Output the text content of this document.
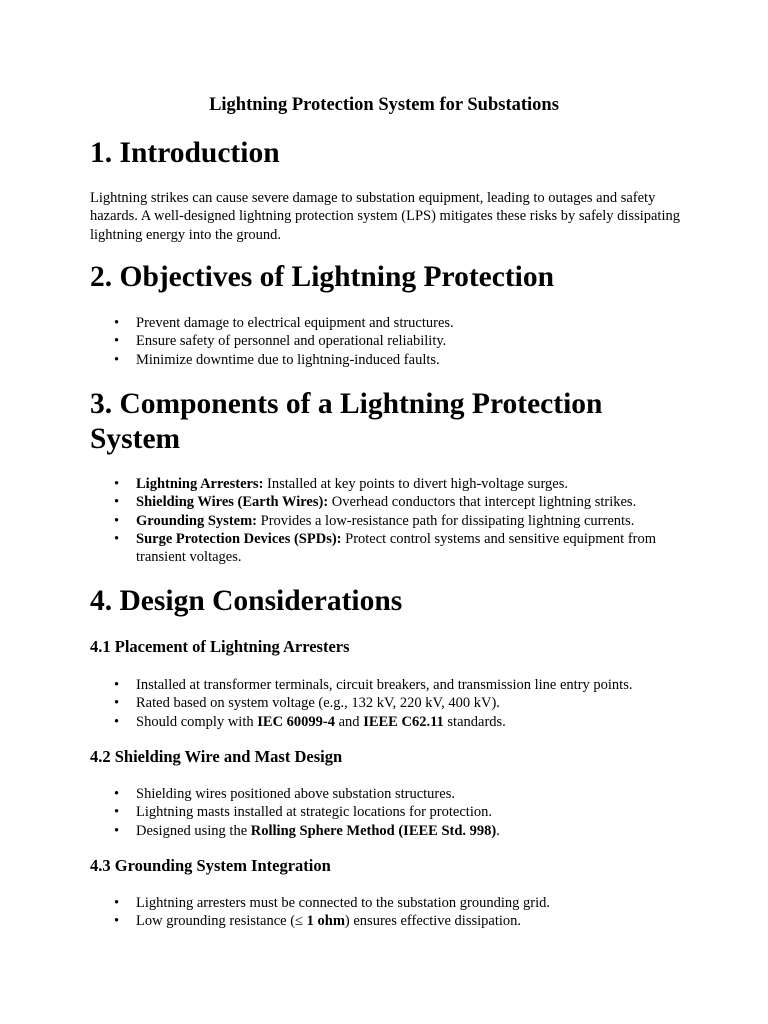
Lightning Protection System for Substations
1. Introduction

Lightning strikes can cause severe damage to substation equipment, leading to outages and safety hazards. A well-designed lightning protection system (LPS) mitigates these risks by safely dissipating lightning energy into the ground.

2. Objectives of Lightning Protection
• Prevent damage to electrical equipment and structures.
• Ensure safety of personnel and operational reliability.
• Minimize downtime due to lightning-induced faults.
3. Components of a Lightning Protection System
• Lightning Arresters: Installed at key points to divert high-voltage surges.
• Shielding Wires (Earth Wires): Overhead conductors that intercept lightning strikes.
• Grounding System: Provides a low-resistance path for dissipating lightning currents.
• Surge Protection Devices (SPDs): Protect control systems and sensitive equipment from transient voltages.
4. Design Considerations
4.1 Placement of Lightning Arresters
• Installed at transformer terminals, circuit breakers, and transmission line entry points.
• Rated based on system voltage (e.g., 132 kV, 220 kV, 400 kV).
• Should comply with IEC 60099-4 and IEEE C62.11 standards.
4.2 Shielding Wire and Mast Design
• Shielding wires positioned above substation structures.
• Lightning masts installed at strategic locations for protection.
• Designed using the Rolling Sphere Method (IEEE Std. 998).
4.3 Grounding System Integration
• Lightning arresters must be connected to the substation grounding grid.
• Low grounding resistance (≤ 1 ohm) ensures effective dissipation.
